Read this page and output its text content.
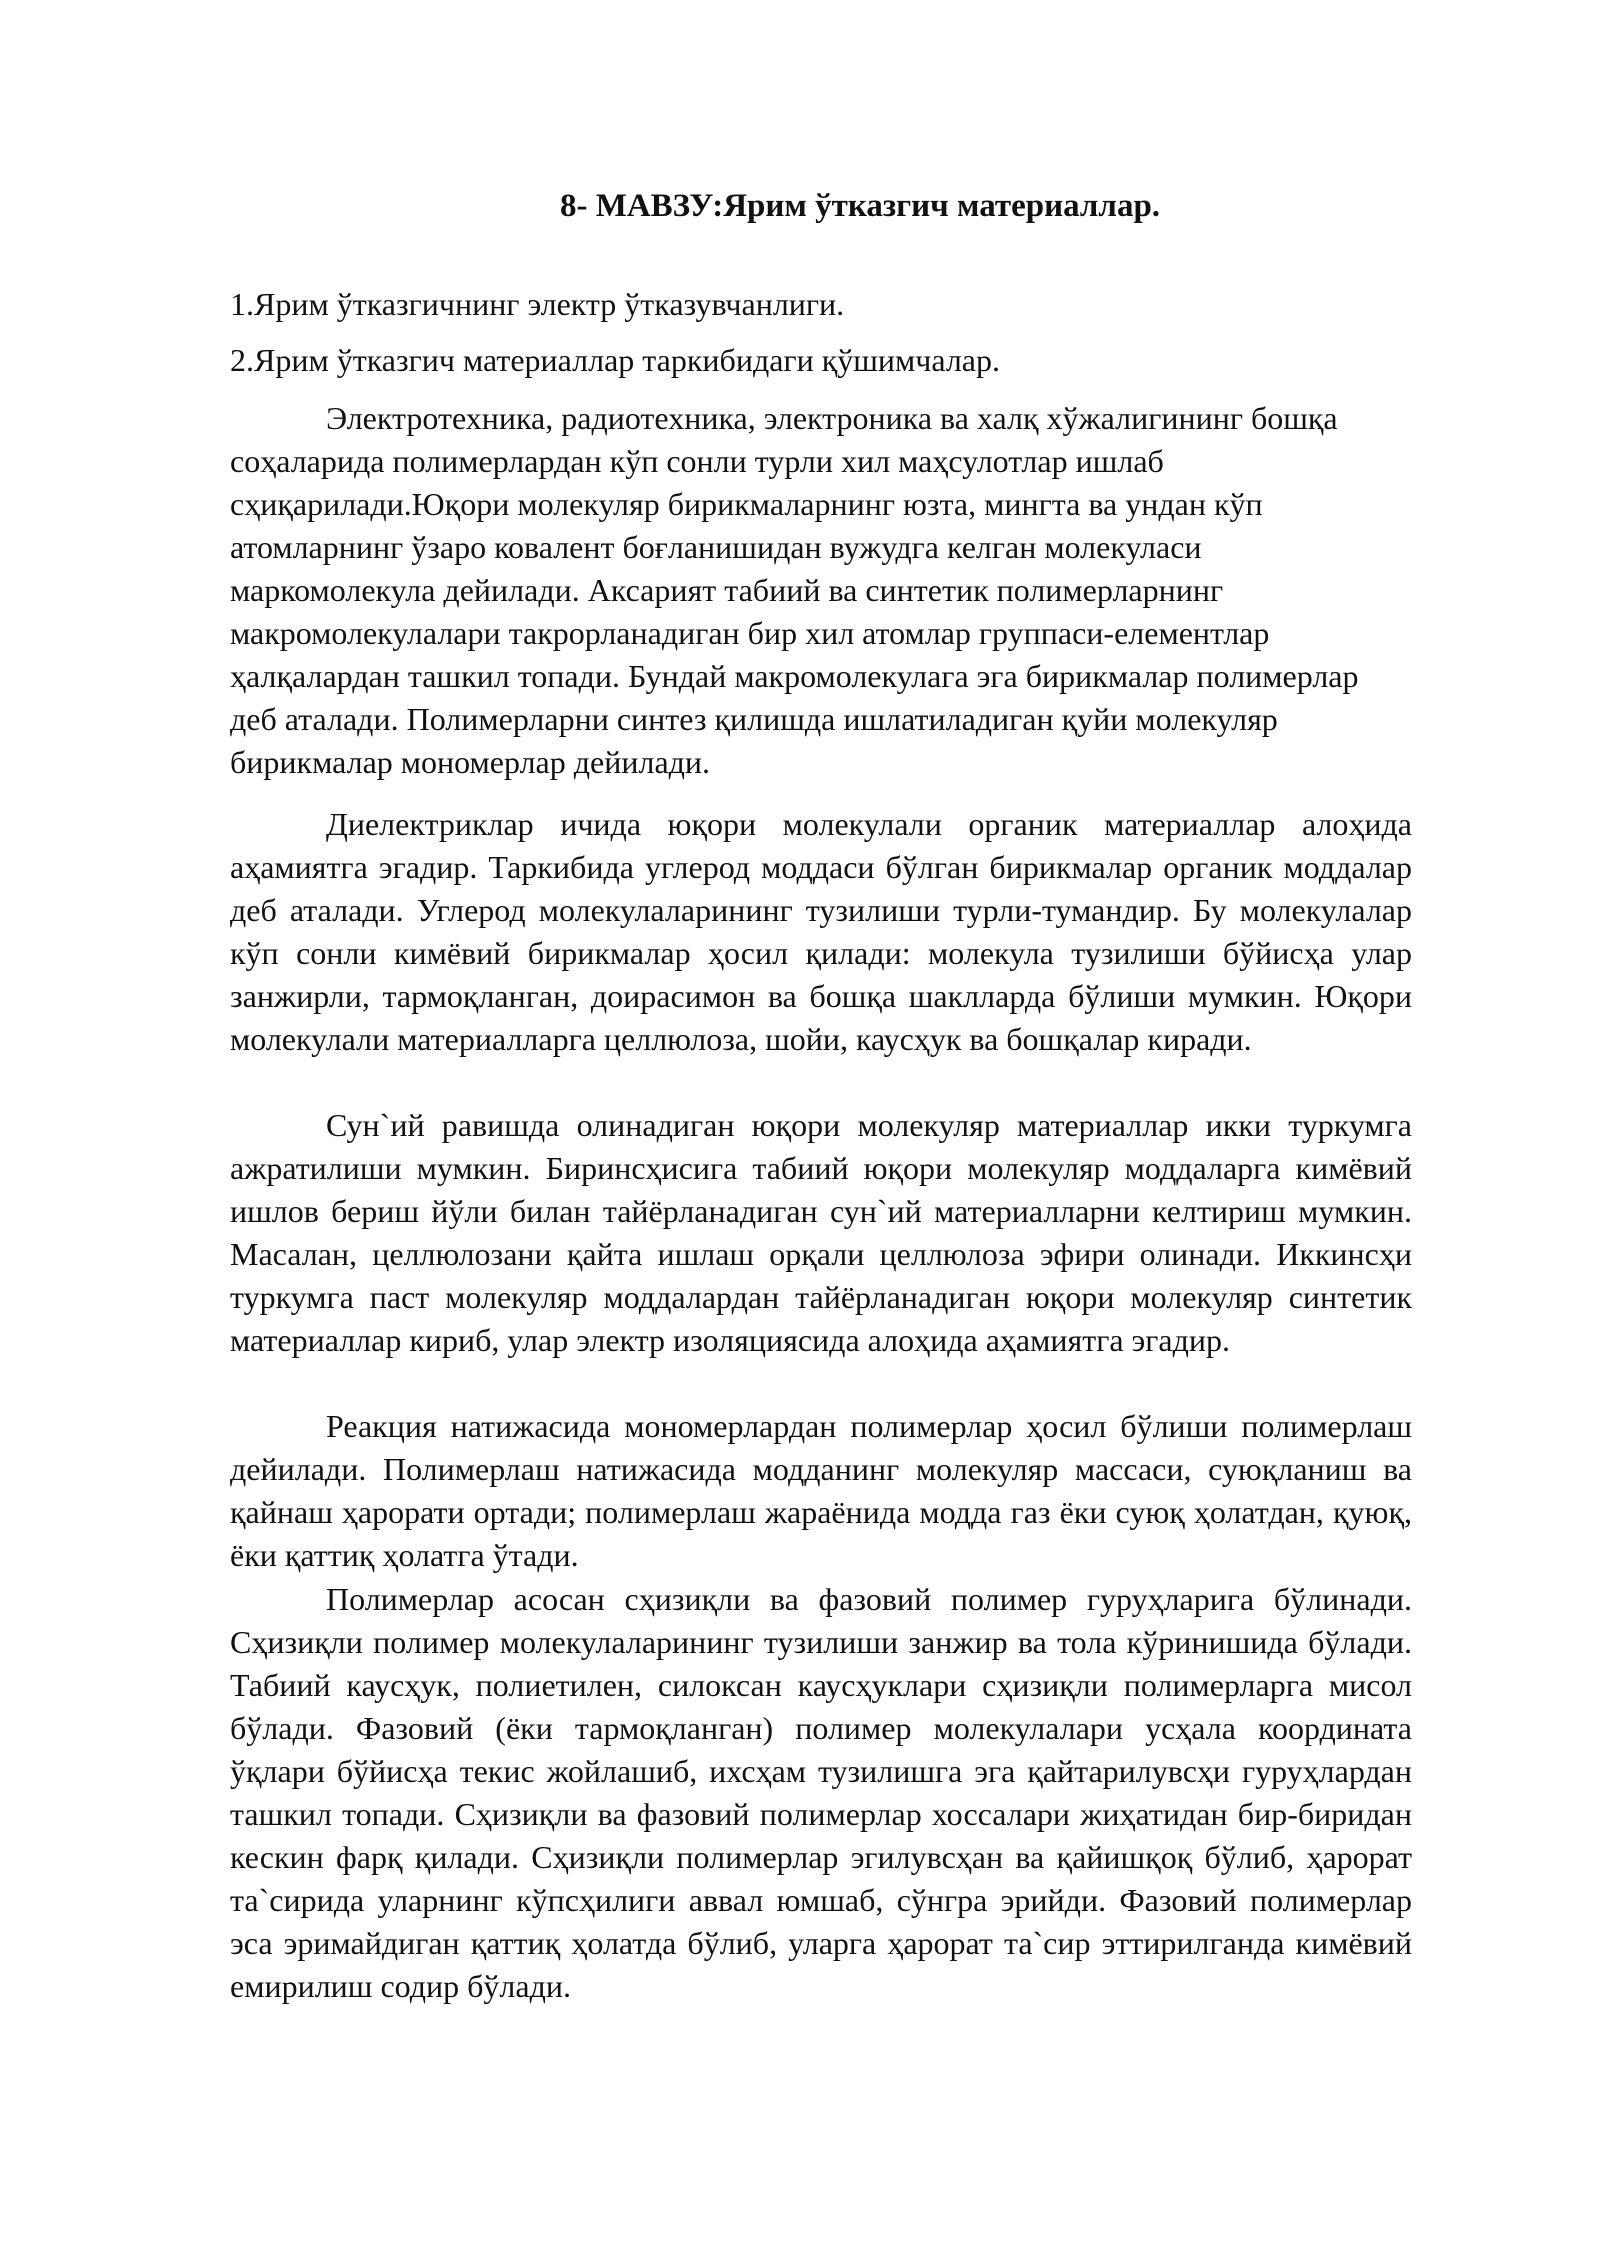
8- МАВЗУ:Ярим ўтказгич материаллар.

1.Ярим ўтказгичнинг электр ўтказувчанлиги.

2.Ярим ўтказгич материаллар таркибидаги қўшимчалар.

Электротехника, радиотехника, электроника ва халқ хўжалигининг бошқа соҳаларида полимерлардан кўп сонли турли хил маҳсулотлар ишлаб сҳиқарилади.Юқори молекуляр бирикмаларнинг юзта, мингта ва ундан кўп атомларнинг ўзаро ковалент боғланишидан вужудга келган молекуласи маркомолекула дейилади. Аксарият табиий ва синтетик полимерларнинг макромолекулалари такрорланадиган бир хил атомлар группаси-елементлар ҳалқалардан ташкил топади. Бундай макромолекулага эга бирикмалар полимерлар деб аталади. Полимерларни синтез қилишда ишлатиладиган қуйи молекуляр бирикмалар мономерлар дейилади.

Диелектриклар ичида юқори молекулали органик материаллар алоҳида аҳамиятга эгадир. Таркибида углерод моддаси бўлган бирикмалар органик моддалар деб аталади. Углерод молекулаларининг тузилиши турли-тумандир. Бу молекулалар кўп сонли кимёвий бирикмалар ҳосил қилади: молекула тузилиши бўйисҳа улар занжирли, тармоқланган, доирасимон ва бошқа шаклларда бўлиши мумкин. Юқори молекулали материалларга целлюлоза, шойи, каусҳук ва бошқалар киради.

Сун`ий равишда олинадиган юқори молекуляр материаллар икки туркумга ажратилиши мумкин. Биринсҳисига табиий юқори молекуляр моддаларга кимёвий ишлов бериш йўли билан тайёрланадиган сун`ий материалларни келтириш мумкин. Масалан, целлюлозани қайта ишлаш орқали целлюлоза эфири олинади. Иккинсҳи туркумга паст молекуляр моддалардан тайёрланадиган юқори молекуляр синтетик материаллар кириб, улар электр изоляциясида алоҳида аҳамиятга эгадир.

Реакция натижасида мономерлардан полимерлар ҳосил бўлиши полимерлаш дейилади. Полимерлаш натижасида модданинг молекуляр массаси, суюқланиш ва қайнаш ҳарорати ортади; полимерлаш жараёнида модда газ ёки суюқ ҳолатдан, қуюқ, ёки қаттиқ ҳолатга ўтади.

Полимерлар асосан сҳизиқли ва фазовий полимер гуруҳларига бўлинади. Сҳизиқли полимер молекулаларининг тузилиши занжир ва тола кўринишида бўлади. Табиий каусҳук, полиетилен, силоксан каусҳуклари сҳизиқли полимерларга мисол бўлади. Фазовий (ёки тармоқланган) полимер молекулалари усҳала координата ўқлари бўйисҳа текис жойлашиб, ихсҳам тузилишга эга қайтарилувсҳи гуруҳлардан ташкил топади. Сҳизиқли ва фазовий полимерлар хоссалари жиҳатидан бир-биридан кескин фарқ қилади. Сҳизиқли полимерлар эгилувсҳан ва қайишқоқ бўлиб, ҳарорат та`сирида уларнинг кўпсҳилиги аввал юмшаб, сўнгра эрийди. Фазовий полимерлар эса эримайдиган қаттиқ ҳолатда бўлиб, уларга ҳарорат та`сир эттирилганда кимёвий емирилиш содир бўлади.
